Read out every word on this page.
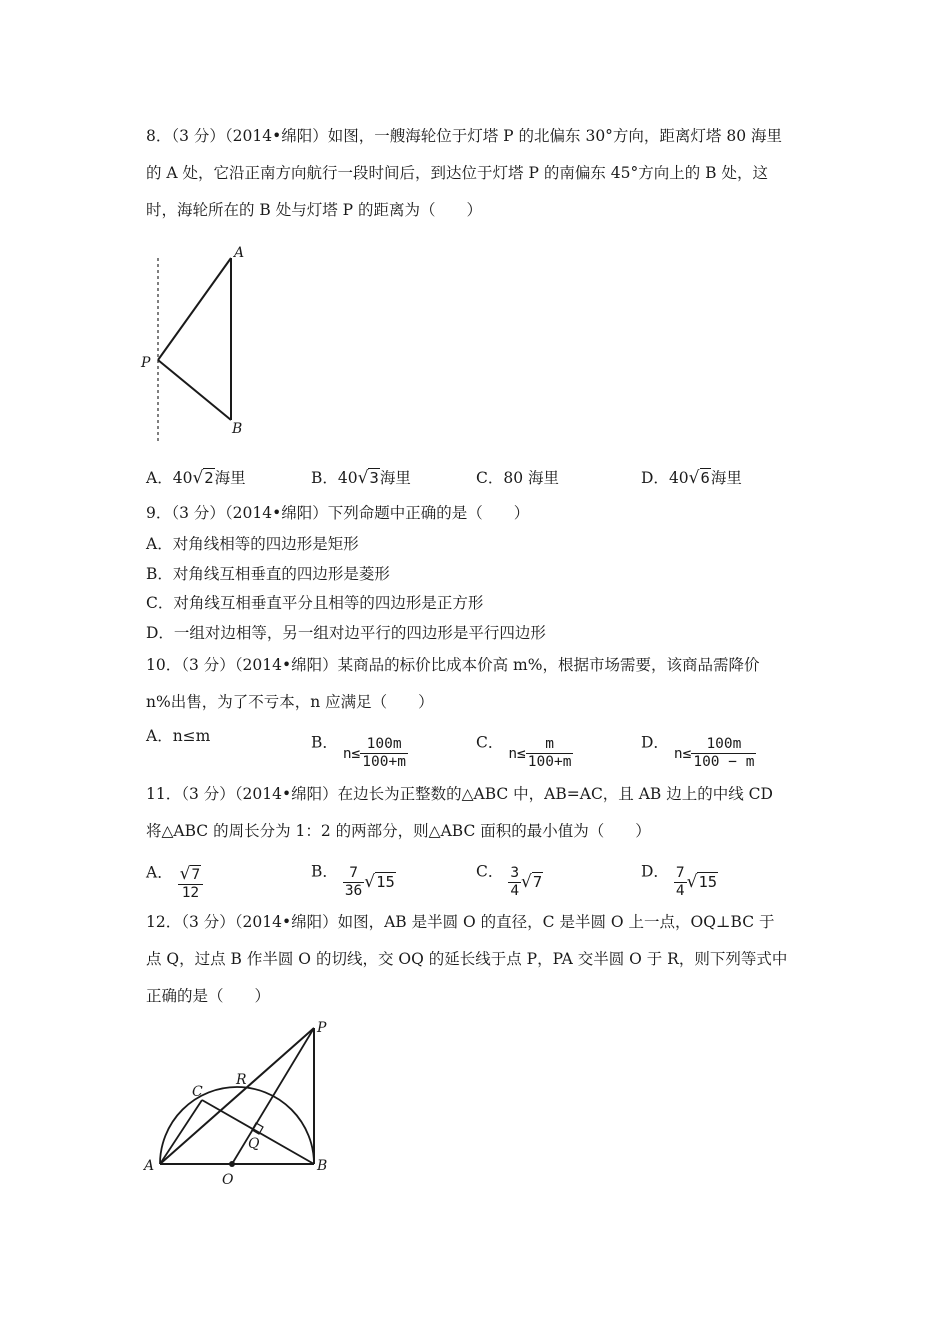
8．（3 分）（2014•绵阳）如图，一艘海轮位于灯塔 P 的北偏东 30°方向，距离灯塔 80 海里
的 A 处，它沿正南方向航行一段时间后，到达位于灯塔 P 的南偏东 45°方向上的 B 处，这
时，海轮所在的 B 处与灯塔 P 的距离为（　　）
A
P
B
A．40√2海里	B．40√3海里	C．80 海里	D．40√6海里
9．（3 分）（2014•绵阳）下列命题中正确的是（　　）
A．对角线相等的四边形是矩形
B．对角线互相垂直的四边形是菱形
C．对角线互相垂直平分且相等的四边形是正方形
D．一组对边相等，另一组对边平行的四边形是平行四边形
10．（3 分）（2014•绵阳）某商品的标价比成本价高 m%，根据市场需要，该商品需降价
n%出售，为了不亏本，n 应满足（　　）
A．n≤m	B． $n\le \frac{100m}{100+m}$	C． $n\le \frac{m}{100+m}$	D． $n\le \frac{100m}{100 - m}$
11．（3 分）（2014•绵阳）在边长为正整数的△ABC 中，AB=AC，且 AB 边上的中线 CD
将△ABC 的周长分为 1：2 的两部分，则△ABC 面积的最小值为（　　）
A． $\frac{√7}{12}$	B． $\frac{7}{36} √15$
C． $\frac{3}{4} √7$
D． $\frac{7}{4} √15$
12．（3 分）（2014•绵阳）如图，AB 是半圆 O 的直径，C 是半圆 O 上一点，OQ⊥BC 于
点 Q，过点 B 作半圆 O 的切线，交 OQ 的延长线于点 P，PA 交半圆 O 于 R，则下列等式中
正确的是（　　）
P
C
R
Q
A
O
B
